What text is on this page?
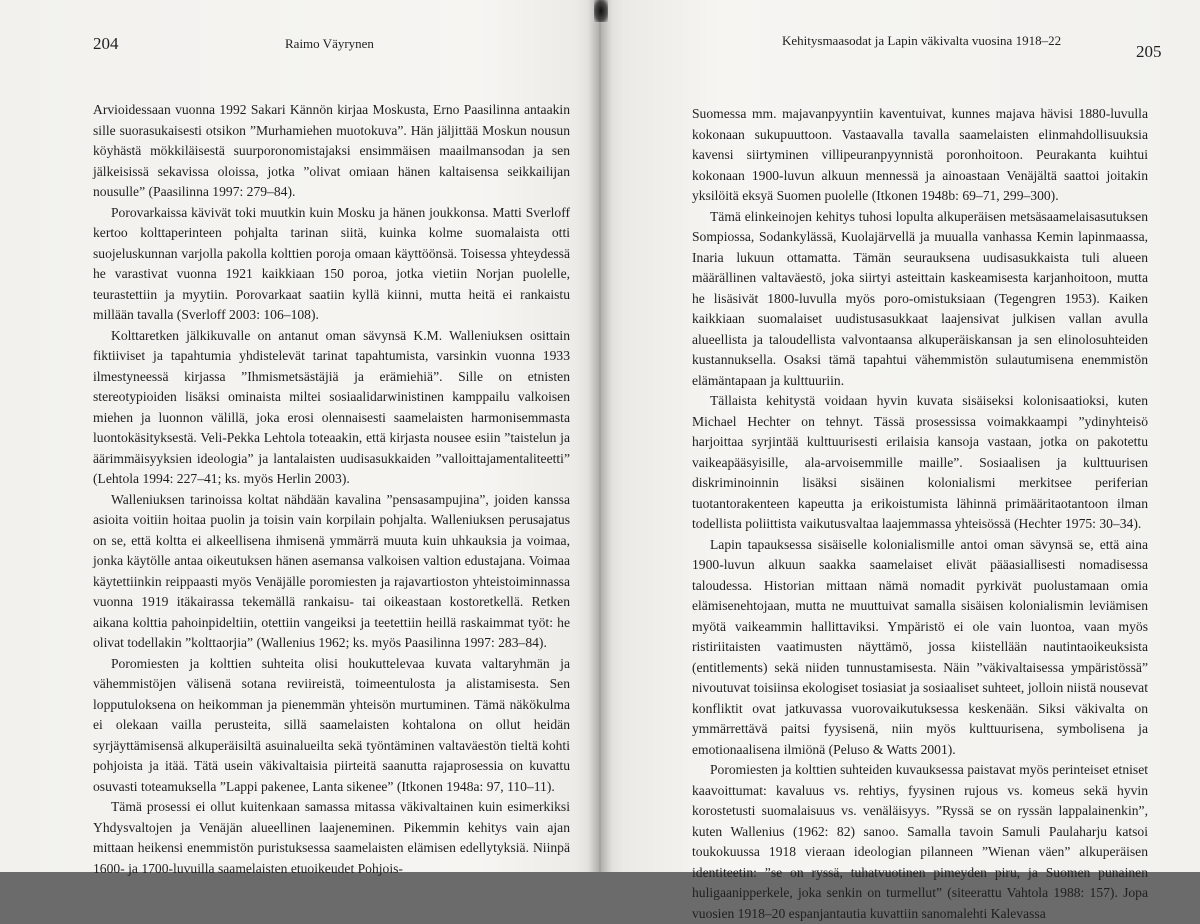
204	Raimo Väyrynen

Arvioidessaan vuonna 1992 Sakari Kännön kirjaa Moskusta, Erno Paasilinna antaakin sille suorasukaisesti otsikon ”Murhamiehen muotokuva”. Hän jäljittää Moskun nousun köyhästä mökkiläisestä suurporonomistajaksi ensimmäisen maailmansodan ja sen jälkeisissä sekavissa oloissa, jotka ”olivat omiaan hänen kaltaisensa seikkailijan nousulle” (Paasilinna 1997: 279–84).

Porovarkaissa kävivät toki muutkin kuin Mosku ja hänen joukkonsa. Matti Sverloff kertoo kolttaperinteen pohjalta tarinan siitä, kuinka kolme suomalaista otti suojeluskunnan varjolla pakolla kolttien poroja omaan käyttöönsä. Toisessa yhteydessä he varastivat vuonna 1921 kaikkiaan 150 poroa, jotka vietiin Norjan puolelle, teurastettiin ja myytiin. Porovarkaat saatiin kyllä kiinni, mutta heitä ei rankaistu millään tavalla (Sverloff 2003: 106–108).

Kolttaretken jälkikuvalle on antanut oman sävynsä K.M. Walleniuksen osittain fiktiiviset ja tapahtumia yhdistelevät tarinat tapahtumista, varsinkin vuonna 1933 ilmestyneessä kirjassa ”Ihmismetsästäjiä ja erämiehiä”. Sille on etnisten stereotypioiden lisäksi ominaista miltei sosiaalidarwinistinen kamppailu valkoisen miehen ja luonnon välillä, joka erosi olennaisesti saamelaisten harmonisemmasta luontokäsityksestä. Veli-Pekka Lehtola toteaakin, että kirjasta nousee esiin ”taistelun ja äärimmäisyyksien ideologia” ja lantalaisten uudisasukkaiden ”valloittajamentaliteetti” (Lehtola 1994: 227–41; ks. myös Herlin 2003).

Walleniuksen tarinoissa koltat nähdään kavalina ”pensasampujina”, joiden kanssa asioita voitiin hoitaa puolin ja toisin vain korpilain pohjalta. Walleniuksen perusajatus on se, että koltta ei alkeellisena ihmisenä ymmärrä muuta kuin uhkauksia ja voimaa, jonka käytölle antaa oikeutuksen hänen asemansa valkoisen valtion edustajana. Voimaa käytettiinkin reippaasti myös Venäjälle poromiesten ja rajavartioston yhteistoiminnassa vuonna 1919 itäkairassa tekemällä rankaisu- tai oikeastaan kostoretkellä. Retken aikana kolttia pahoinpideltiin, otettiin vangeiksi ja teetettiin heillä raskaimmat työt: he olivat todellakin ”kolttaorjia” (Wallenius 1962; ks. myös Paasilinna 1997: 283–84).

Poromiesten ja kolttien suhteita olisi houkuttelevaa kuvata valtaryhmän ja vähemmistöjen välisenä sotana reviireistä, toimeentulosta ja alistamisesta. Sen lopputuloksena on heikomman ja pienemmän yhteisön murtuminen. Tämä näkökulma ei olekaan vailla perusteita, sillä saamelaisten kohtalona on ollut heidän syrjäyttämisensä alkuperäisiltä asuinalueilta sekä työntäminen valtaväestön tieltä kohti pohjoista ja itää. Tätä usein väkivaltaisia piirteitä saanutta rajaprosessia on kuvattu osuvasti toteamuksella ”Lappi pakenee, Lanta sikenee” (Itkonen 1948a: 97, 110–11).

Tämä prosessi ei ollut kuitenkaan samassa mitassa väkivaltainen kuin esimerkiksi Yhdysvaltojen ja Venäjän alueellinen laajeneminen. Pikemmin kehitys vain ajan mittaan heikensi enemmistön puristuksessa saamelaisten elämisen edellytyksiä. Niinpä 1600- ja 1700-luvuilla saamelaisten etuoikeudet Pohjois-

Kehitysmaasodat ja Lapin väkivalta vuosina 1918–22
205

Suomessa mm. majavanpyyntiin kaventuivat, kunnes majava hävisi 1880-luvulla kokonaan sukupuuttoon. Vastaavalla tavalla saamelaisten elinmahdollisuuksia kavensi siirtyminen villipeuranpyynnistä poronhoitoon. Peurakanta kuihtui kokonaan 1900-luvun alkuun mennessä ja ainoastaan Venäjältä saattoi joitakin yksilöitä eksyä Suomen puolelle (Itkonen 1948b: 69–71, 299–300).

Tämä elinkeinojen kehitys tuhosi lopulta alkuperäisen metsäsaamelaisasutuksen Sompiossa, Sodankylässä, Kuolajärvellä ja muualla vanhassa Kemin lapinmaassa, Inaria lukuun ottamatta. Tämän seurauksena uudisasukkaista tuli alueen määrällinen valtaväestö, joka siirtyi asteittain kaskeamisesta karjanhoitoon, mutta he lisäsivät 1800-luvulla myös poro-omistuksiaan (Tegengren 1953). Kaiken kaikkiaan suomalaiset uudistusasukkaat laajensivat julkisen vallan avulla alueellista ja taloudellista valvontaansa alkuperäiskansan ja sen elinolosuhteiden kustannuksella. Osaksi tämä tapahtui vähemmistön sulautumisena enemmistön elämäntapaan ja kulttuuriin.

Tällaista kehitystä voidaan hyvin kuvata sisäiseksi kolonisaatioksi, kuten Michael Hechter on tehnyt. Tässä prosessissa voimakkaampi ”ydinyhteisö harjoittaa syrjintää kulttuurisesti erilaisia kansoja vastaan, jotka on pakotettu vaikeapääsyisille, ala-arvoisemmille maille”. Sosiaalisen ja kulttuurisen diskriminoinnin lisäksi sisäinen kolonialismi merkitsee periferian tuotantorakenteen kapeutta ja erikoistumista lähinnä primääritaotantoon ilman todellista poliittista vaikutusvaltaa laajemmassa yhteisössä (Hechter 1975: 30–34).

Lapin tapauksessa sisäiselle kolonialismille antoi oman sävynsä se, että aina 1900-luvun alkuun saakka saamelaiset elivät pääasiallisesti nomadisessa taloudessa. Historian mittaan nämä nomadit pyrkivät puolustamaan omia elämisenehtojaan, mutta ne muuttuivat samalla sisäisen kolonialismin leviämisen myötä vaikeammin hallittaviksi. Ympäristö ei ole vain luontoa, vaan myös ristiriitaisten vaatimusten näyttämö, jossa kiistellään nautintaoikeuksista (entitlements) sekä niiden tunnustamisesta. Näin ”väkivaltaisessa ympäristössä” nivoutuvat toisiinsa ekologiset tosiasiat ja sosiaaliset suhteet, jolloin niistä nousevat konfliktit ovat jatkuvassa vuorovaikutuksessa keskenään. Siksi väkivalta on ymmärrettävä paitsi fyysisenä, niin myös kulttuurisena, symbolisena ja emotionaalisena ilmiönä (Peluso & Watts 2001).

Poromiesten ja kolttien suhteiden kuvauksessa paistavat myös perinteiset etniset kaavoittumat: kavaluus vs. rehtiys, fyysinen rujous vs. komeus sekä hyvin korostetusti suomalaisuus vs. venäläisyys. ”Ryssä se on ryssän lappalainenkin”, kuten Wallenius (1962: 82) sanoo. Samalla tavoin Samuli Paulaharju katsoi toukokuussa 1918 vieraan ideologian pilanneen ”Wienan väen” alkuperäisen identiteetin: ”se on ryssä, tuhatvuotinen pimeyden piru, ja Suomen punainen huligaanipperkele, joka senkin on turmellut” (siteerattu Vahtola 1988: 157). Jopa vuosien 1918–20 espanjantautia kuvattiin sanomalehti Kalevassa
